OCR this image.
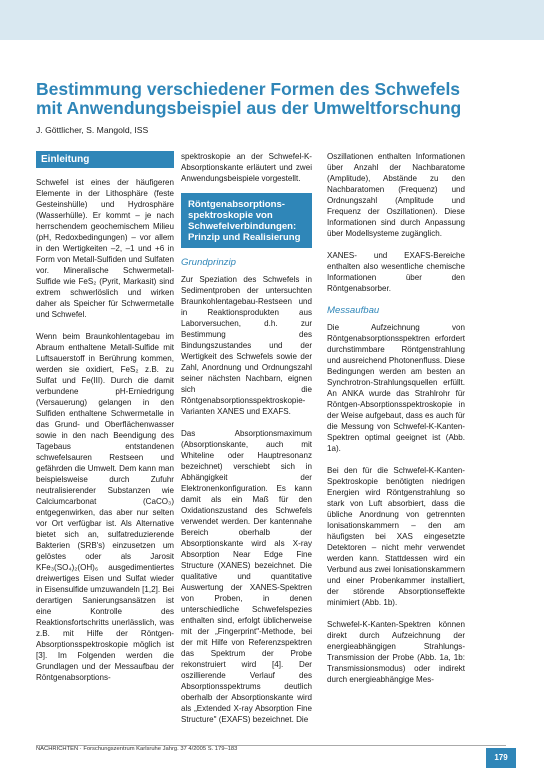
Bestimmung verschiedener Formen des Schwefels
mit Anwendungsbeispiel aus der Umweltforschung
J. Göttlicher, S. Mangold, ISS
Einleitung

Schwefel ist eines der häufigeren Elemente in der Lithosphäre (feste Gesteinshülle) und Hydrosphäre (Wasserhülle). Er kommt – je nach herrschendem geochemischem Milieu (pH, Redoxbedingungen) – vor allem in den Wertigkeiten –2, –1 und +6 in Form von Metall-Sulfiden und Sulfaten vor. Mineralische Schwermetall-Sulfide wie FeS₂ (Pyrit, Markasit) sind extrem schwerlöslich und wirken daher als Speicher für Schwermetalle und Schwefel.

Wenn beim Braunkohlentagebau im Abraum enthaltene Metall-Sulfide mit Luftsauerstoff in Berührung kommen, werden sie oxidiert, FeS₂ z.B. zu Sulfat und Fe(III). Durch die damit verbundene pH-Erniedrigung (Versauerung) gelangen in den Sulfiden enthaltene Schwermetalle in das Grund- und Oberflächenwasser sowie in den nach Beendigung des Tagebaus entstandenen schwefelsauren Restseen und gefährden die Umwelt. Dem kann man beispielsweise durch Zufuhr neutralisierender Substanzen wie Calciumcarbonat (CaCO₃) entgegenwirken, das aber nur selten vor Ort verfügbar ist. Als Alternative bietet sich an, sulfatreduzierende Bakterien (SRB's) einzusetzen um gelöstes oder als Jarosit KFe₃(SO₄)₂(OH)₆ ausgedimentiertes dreiwertiges Eisen und Sulfat wieder in Eisensulfide umzuwandeln [1,2]. Bei derartigen Sanierungsansätzen ist eine Kontrolle des Reaktionsfortschritts unerlässlich, was z.B. mit Hilfe der Röntgen-Absorptionsspektroskopie möglich ist [3]. Im Folgenden werden die Grundlagen und der Messaufbau der Röntgenabsorptions-

spektroskopie an der Schwefel-K-Absorptionskante erläutert und zwei Anwendungsbeispiele vorgestellt.

Röntgenabsorptions-
spektroskopie von
Schwefelverbindungen:
Prinzip und Realisierung
Grundprinzip

Zur Speziation des Schwefels in Sedimentproben der untersuchten Braunkohlentagebau-Restseen und in Reaktionsprodukten aus Laborversuchen, d.h. zur Bestimmung des Bindungszustandes und der Wertigkeit des Schwefels sowie der Zahl, Anordnung und Ordnungszahl seiner nächsten Nachbarn, eignen sich die Röntgenabsorptionsspektroskopie-Varianten XANES und EXAFS.

Das Absorptionsmaximum (Absorptionskante, auch mit Whiteline oder Hauptresonanz bezeichnet) verschiebt sich in Abhängigkeit der Elektronenkonfiguration. Es kann damit als ein Maß für den Oxidationszustand des Schwefels verwendet werden. Der kantennahe Bereich oberhalb der Absorptionskante wird als X-ray Absorption Near Edge Fine Structure (XANES) bezeichnet. Die qualitative und quantitative Auswertung der XANES-Spektren von Proben, in denen unterschiedliche Schwefelspezies enthalten sind, erfolgt üblicherweise mit der „Fingerprint"-Methode, bei der mit Hilfe von Referenzspektren das Spektrum der Probe rekonstruiert wird [4]. Der oszillierende Verlauf des Absorptionsspektrums deutlich oberhalb der Absorptionskante wird als „Extended X-ray Absorption Fine Structure" (EXAFS) bezeichnet. Die

Oszillationen enthalten Informationen über Anzahl der Nachbaratome (Amplitude), Abstände zu den Nachbaratomen (Frequenz) und Ordnungszahl (Amplitude und Frequenz der Oszillationen). Diese Informationen sind durch Anpassung über Modellsysteme zugänglich.

XANES- und EXAFS-Bereiche enthalten also wesentliche chemische Informationen über den Röntgenabsorber.

Messaufbau

Die Aufzeichnung von Röntgenabsorptionsspektren erfordert durchstimmbare Röntgenstrahlung und ausreichend Photonenfluss. Diese Bedingungen werden am besten an Synchrotron-Strahlungsquellen erfüllt. An ANKA wurde das Strahlrohr für Röntgen-Absorptionsspektroskopie in der Weise aufgebaut, dass es auch für die Messung von Schwefel-K-Kanten-Spektren optimal geeignet ist (Abb. 1a).

Bei den für die Schwefel-K-Kanten-Spektroskopie benötigten niedrigen Energien wird Röntgenstrahlung so stark von Luft absorbiert, dass die übliche Anordnung von getrennten Ionisationskammern – den am häufigsten bei XAS eingesetzte Detektoren – nicht mehr verwendet werden kann. Stattdessen wird ein Verbund aus zwei Ionisationskammern und einer Probenkammer installiert, der störende Absorptionseffekte minimiert (Abb. 1b).

Schwefel-K-Kanten-Spektren können direkt durch Aufzeichnung der energieabhängigen Strahlungs-Transmission der Probe (Abb. 1a, 1b: Transmissionsmodus) oder indirekt durch energieabhängige Mes-

NACHRICHTEN · Forschungszentrum Karlsruhe Jahrg. 37 4/2005 S. 179–183
179
